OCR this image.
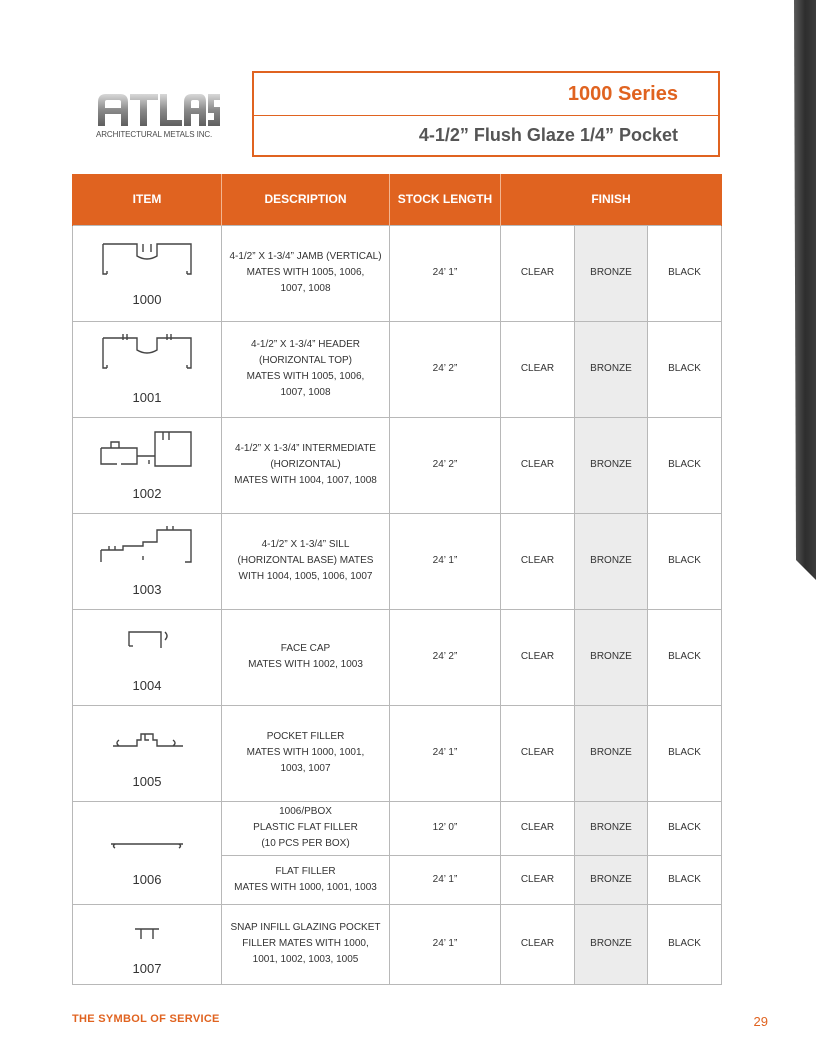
ARCHITECTURAL METALS INC.
1000 Series
4-1/2” Flush Glaze 1/4” Pocket
ITEM	DESCRIPTION	STOCK LENGTH	FINISH		

1000	4-1/2” X 1-3/4” JAMB (VERTICAL)
MATES WITH 1005, 1006,
1007, 1008	24’ 1”	CLEAR	BRONZE	BLACK

1001	4-1/2” X 1-3/4” HEADER
(HORIZONTAL TOP)
MATES WITH 1005, 1006,
1007, 1008	24’ 2”	CLEAR	BRONZE	BLACK

1002	4-1/2” X 1-3/4” INTERMEDIATE
(HORIZONTAL)
MATES WITH 1004, 1007, 1008	24’ 2”	CLEAR	BRONZE	BLACK

1003	4-1/2” X 1-3/4” SILL
(HORIZONTAL BASE) MATES
WITH 1004, 1005, 1006, 1007	24’ 1”	CLEAR	BRONZE	BLACK

1004	FACE CAP
MATES WITH 1002, 1003	24’ 2”	CLEAR	BRONZE	BLACK

1005	POCKET FILLER
MATES WITH 1000, 1001,
1003, 1007	24’ 1”	CLEAR	BRONZE	BLACK

1006	1006/PBOX
PLASTIC FLAT FILLER
(10 PCS PER BOX)	12’ 0”	CLEAR	BRONZE	BLACK

	FLAT FILLER
MATES WITH 1000, 1001, 1003	24’ 1”	CLEAR	BRONZE	BLACK

1007	SNAP INFILL GLAZING POCKET
FILLER MATES WITH 1000,
1001, 1002, 1003, 1005	24’ 1”	CLEAR	BRONZE	BLACK
THE SYMBOL OF SERVICE	29
